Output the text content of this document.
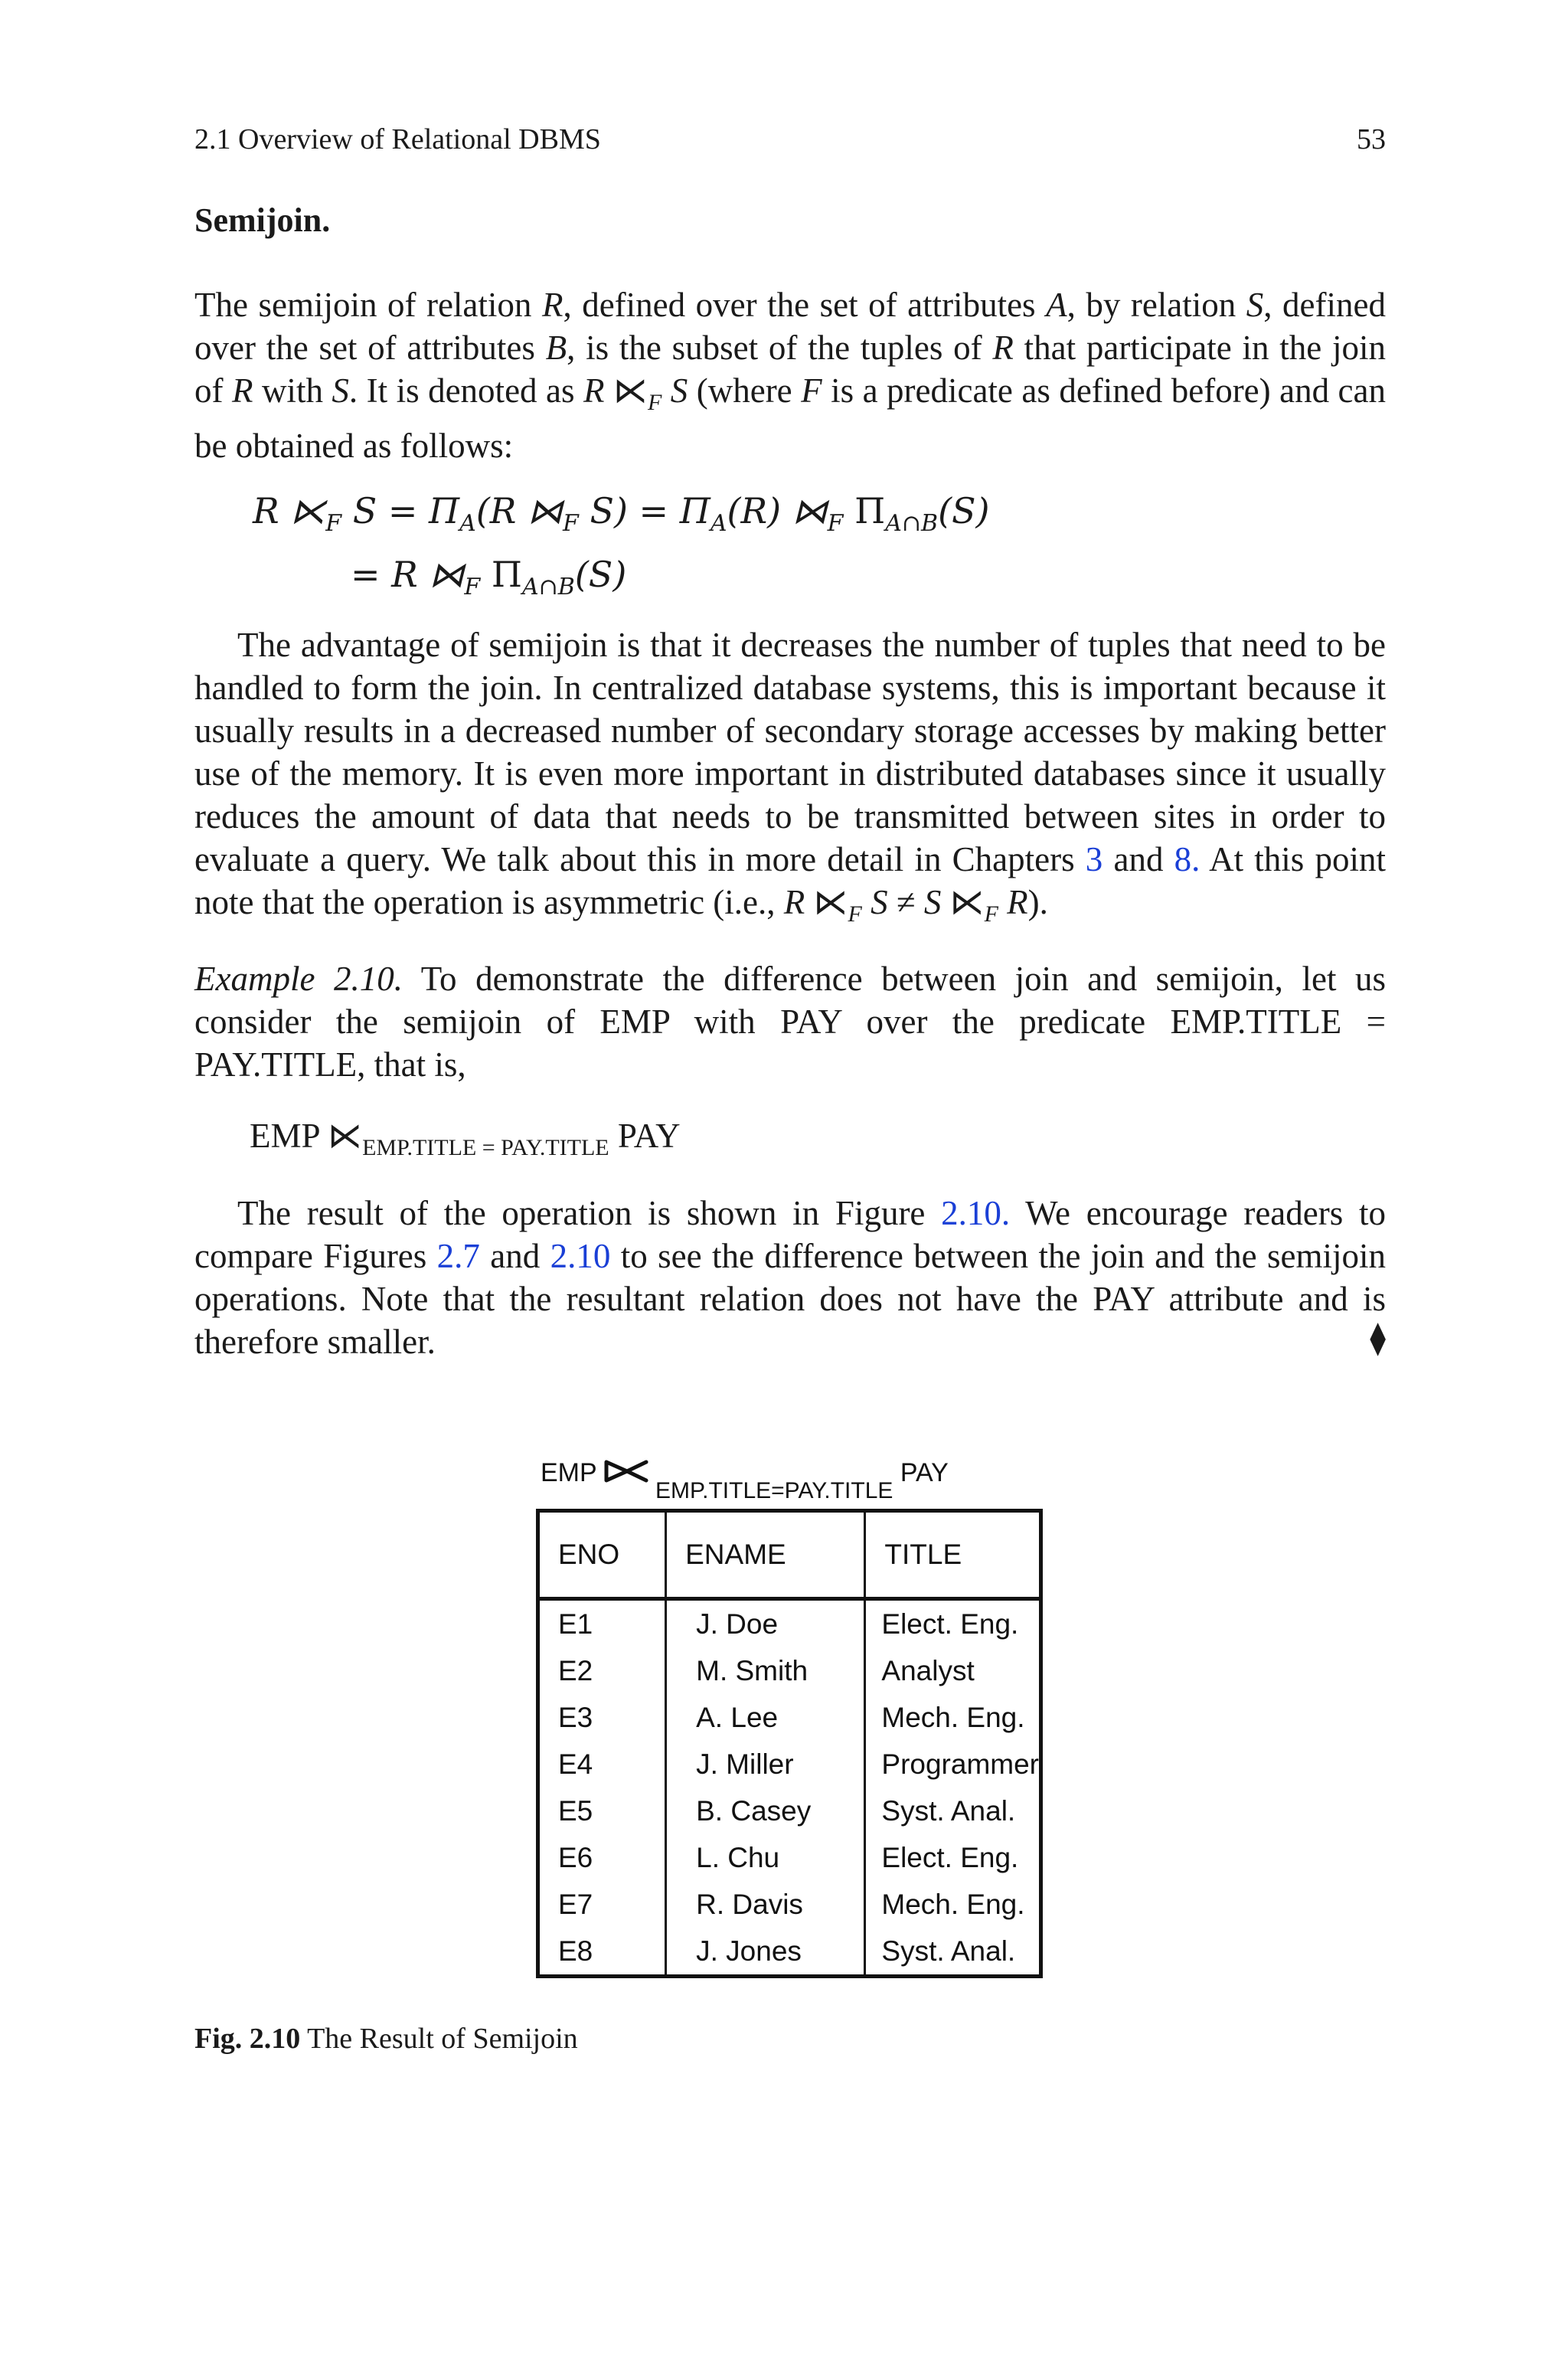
2.1 Overview of Relational DBMS	53
Semijoin.

The semijoin of relation R, defined over the set of attributes A, by relation S, defined over the set of attributes B, is the subset of the tuples of R that participate in the join of R with S. It is denoted as R $⋉_F$ S (where F is a predicate as defined before) and can be obtained as follows:

R $⋉_F$ $S = \Pi_A(R$ $⋈_F$ $S) = \Pi_A(R)$ $⋈_F$ $\Pi_{A\cap B}(S)$
= R $⋈_F$ $\Pi_{A\cap B}(S)$

The advantage of semijoin is that it decreases the number of tuples that need to be handled to form the join. In centralized database systems, this is important because it usually results in a decreased number of secondary storage accesses by making better use of the memory. It is even more important in distributed databases since it usually reduces the amount of data that needs to be transmitted between sites in order to evaluate a query. We talk about this in more detail in Chapters 3 and 8. At this point note that the operation is asymmetric (i.e., R $⋉_F$ S ≠ S $⋉_F$ R).

Example 2.10. To demonstrate the difference between join and semijoin, let us consider the semijoin of EMP with PAY over the predicate EMP.TITLE = PAY.TITLE, that is,

EMP $⋉_{EMP.TITLE = PAY.TITLE}$ PAY

The result of the operation is shown in Figure 2.10. We encourage readers to compare Figures 2.7 and 2.10 to see the difference between the join and the semijoin operations. Note that the resultant relation does not have the PAY attribute and is therefore smaller.	⧫
EMP  EMP.TITLE=PAY.TITLE PAY
ENO	ENAME	TITLE
E1	J. Doe	Elect. Eng.
E2	M. Smith	Analyst
E3	A. Lee	Mech. Eng.
E4	J. Miller	Programmer
E5	B. Casey	Syst. Anal.
E6	L. Chu	Elect. Eng.
E7	R. Davis	Mech. Eng.
E8	J. Jones	Syst. Anal.
Fig. 2.10 The Result of Semijoin
